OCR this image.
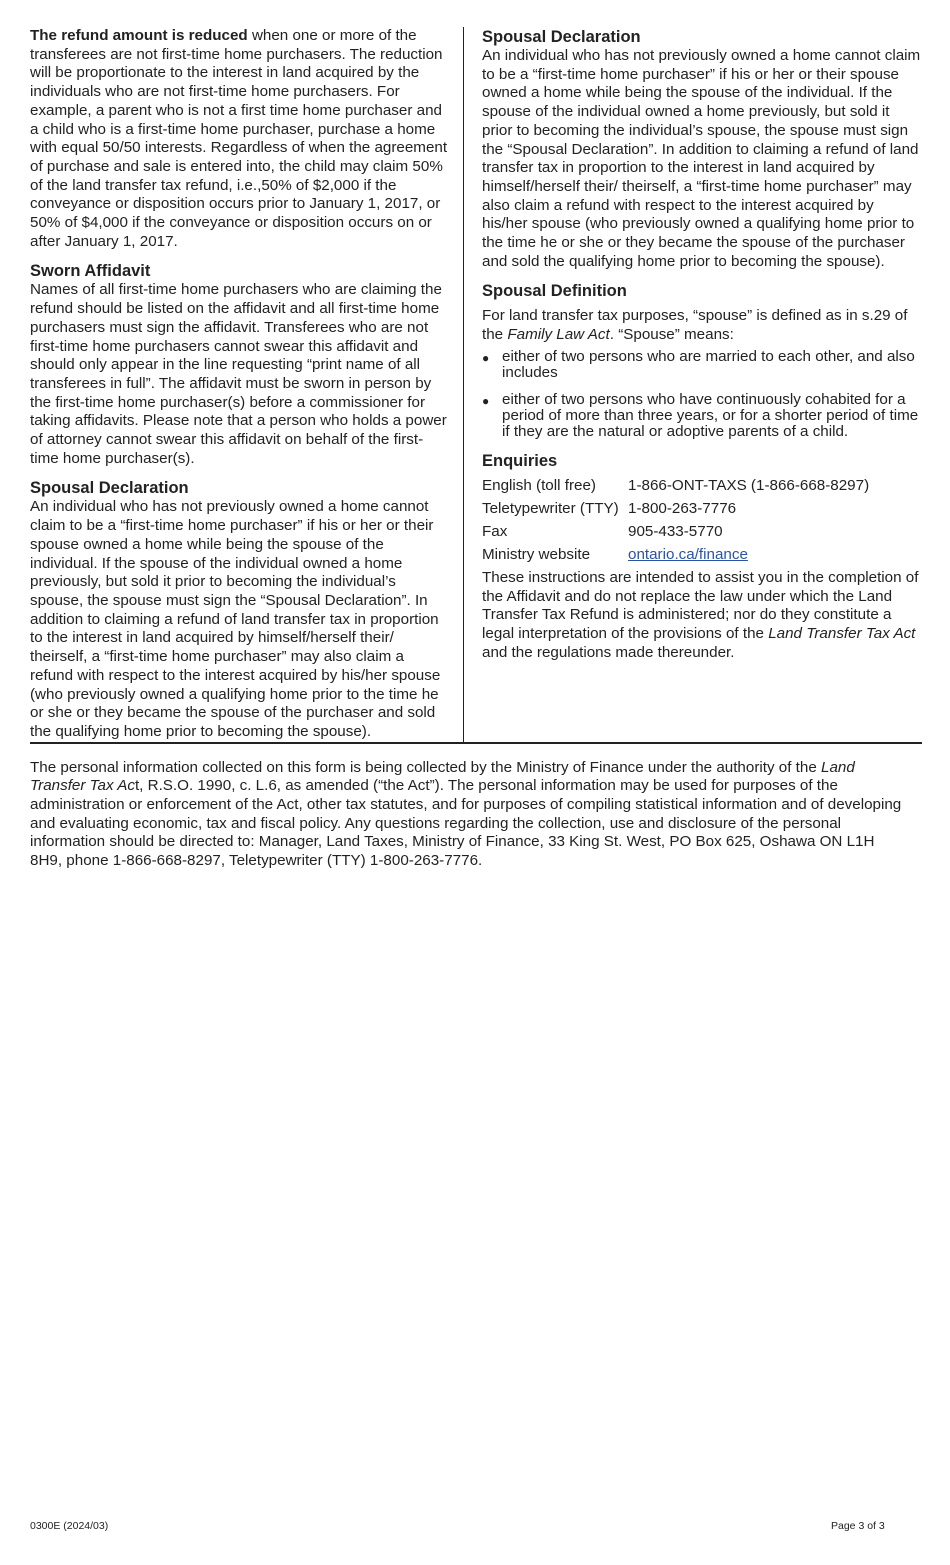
The refund amount is reduced when one or more of the transferees are not first-time home purchasers. The reduction will be proportionate to the interest in land acquired by the individuals who are not first-time home purchasers. For example, a parent who is not a first time home purchaser and a child who is a first-time home purchaser, purchase a home with equal 50/50 interests. Regardless of when the agreement of purchase and sale is entered into, the child may claim 50% of the land transfer tax refund, i.e.,50% of $2,000 if the conveyance or disposition occurs prior to January 1, 2017, or 50% of $4,000 if the conveyance or disposition occurs on or after January 1, 2017.

Sworn Affidavit

Names of all first-time home purchasers who are claiming the refund should be listed on the affidavit and all first-time home purchasers must sign the affidavit. Transferees who are not first-time home purchasers cannot swear this affidavit and should only appear in the line requesting “print name of all transferees in full”. The affidavit must be sworn in person by the first-time home purchaser(s) before a commissioner for taking affidavits. Please note that a person who holds a power of attorney cannot swear this affidavit on behalf of the first-time home purchaser(s).

Spousal Declaration

An individual who has not previously owned a home cannot claim to be a “first-time home purchaser” if his or her or their spouse owned a home while being the spouse of the individual. If the spouse of the individual owned a home previously, but sold it prior to becoming the individual’s spouse, the spouse must sign the “Spousal Declaration”. In addition to claiming a refund of land transfer tax in proportion to the interest in land acquired by himself/herself their/ theirself, a “first-time home purchaser” may also claim a refund with respect to the interest acquired by his/her spouse (who previously owned a qualifying home prior to the time he or she or they became the spouse of the purchaser and sold the qualifying home prior to becoming the spouse).

Spousal Declaration

An individual who has not previously owned a home cannot claim to be a “first-time home purchaser” if his or her or their spouse owned a home while being the spouse of the individual. If the spouse of the individual owned a home previously, but sold it prior to becoming the individual’s spouse, the spouse must sign the “Spousal Declaration”. In addition to claiming a refund of land transfer tax in proportion to the interest in land acquired by himself/herself their/ theirself, a “first-time home purchaser” may also claim a refund with respect to the interest acquired by his/her spouse (who previously owned a qualifying home prior to the time he or she or they became the spouse of the purchaser and sold the qualifying home prior to becoming the spouse).

Spousal Definition

For land transfer tax purposes, “spouse” is defined as in s.29 of the Family Law Act. “Spouse” means:

● either of two persons who are married to each other, and also includes
● either of two persons who have continuously cohabited for a period of more than three years, or for a shorter period of time if they are the natural or adoptive parents of a child.
Enquiries
English (toll free)	1-866-ONT-TAXS (1-866-668-8297)
Teletypewriter (TTY)	1-800-263-7776
Fax	905-433-5770
Ministry website	ontario.ca/finance

These instructions are intended to assist you in the completion of the Affidavit and do not replace the law under which the Land Transfer Tax Refund is administered; nor do they constitute a legal interpretation of the provisions of the Land Transfer Tax Act and the regulations made thereunder.

The personal information collected on this form is being collected by the Ministry of Finance under the authority of the Land Transfer Tax Act, R.S.O. 1990, c. L.6, as amended (“the Act”). The personal information may be used for purposes of the administration or enforcement of the Act, other tax statutes, and for purposes of compiling statistical information and of developing and evaluating economic, tax and fiscal policy. Any questions regarding the collection, use and disclosure of the personal information should be directed to: Manager, Land Taxes, Ministry of Finance, 33 King St. West, PO Box 625, Oshawa ON L1H 8H9, phone 1-866-668-8297, Teletypewriter (TTY) 1-800-263-7776.

0300E (2024/03)	Page 3 of 3
